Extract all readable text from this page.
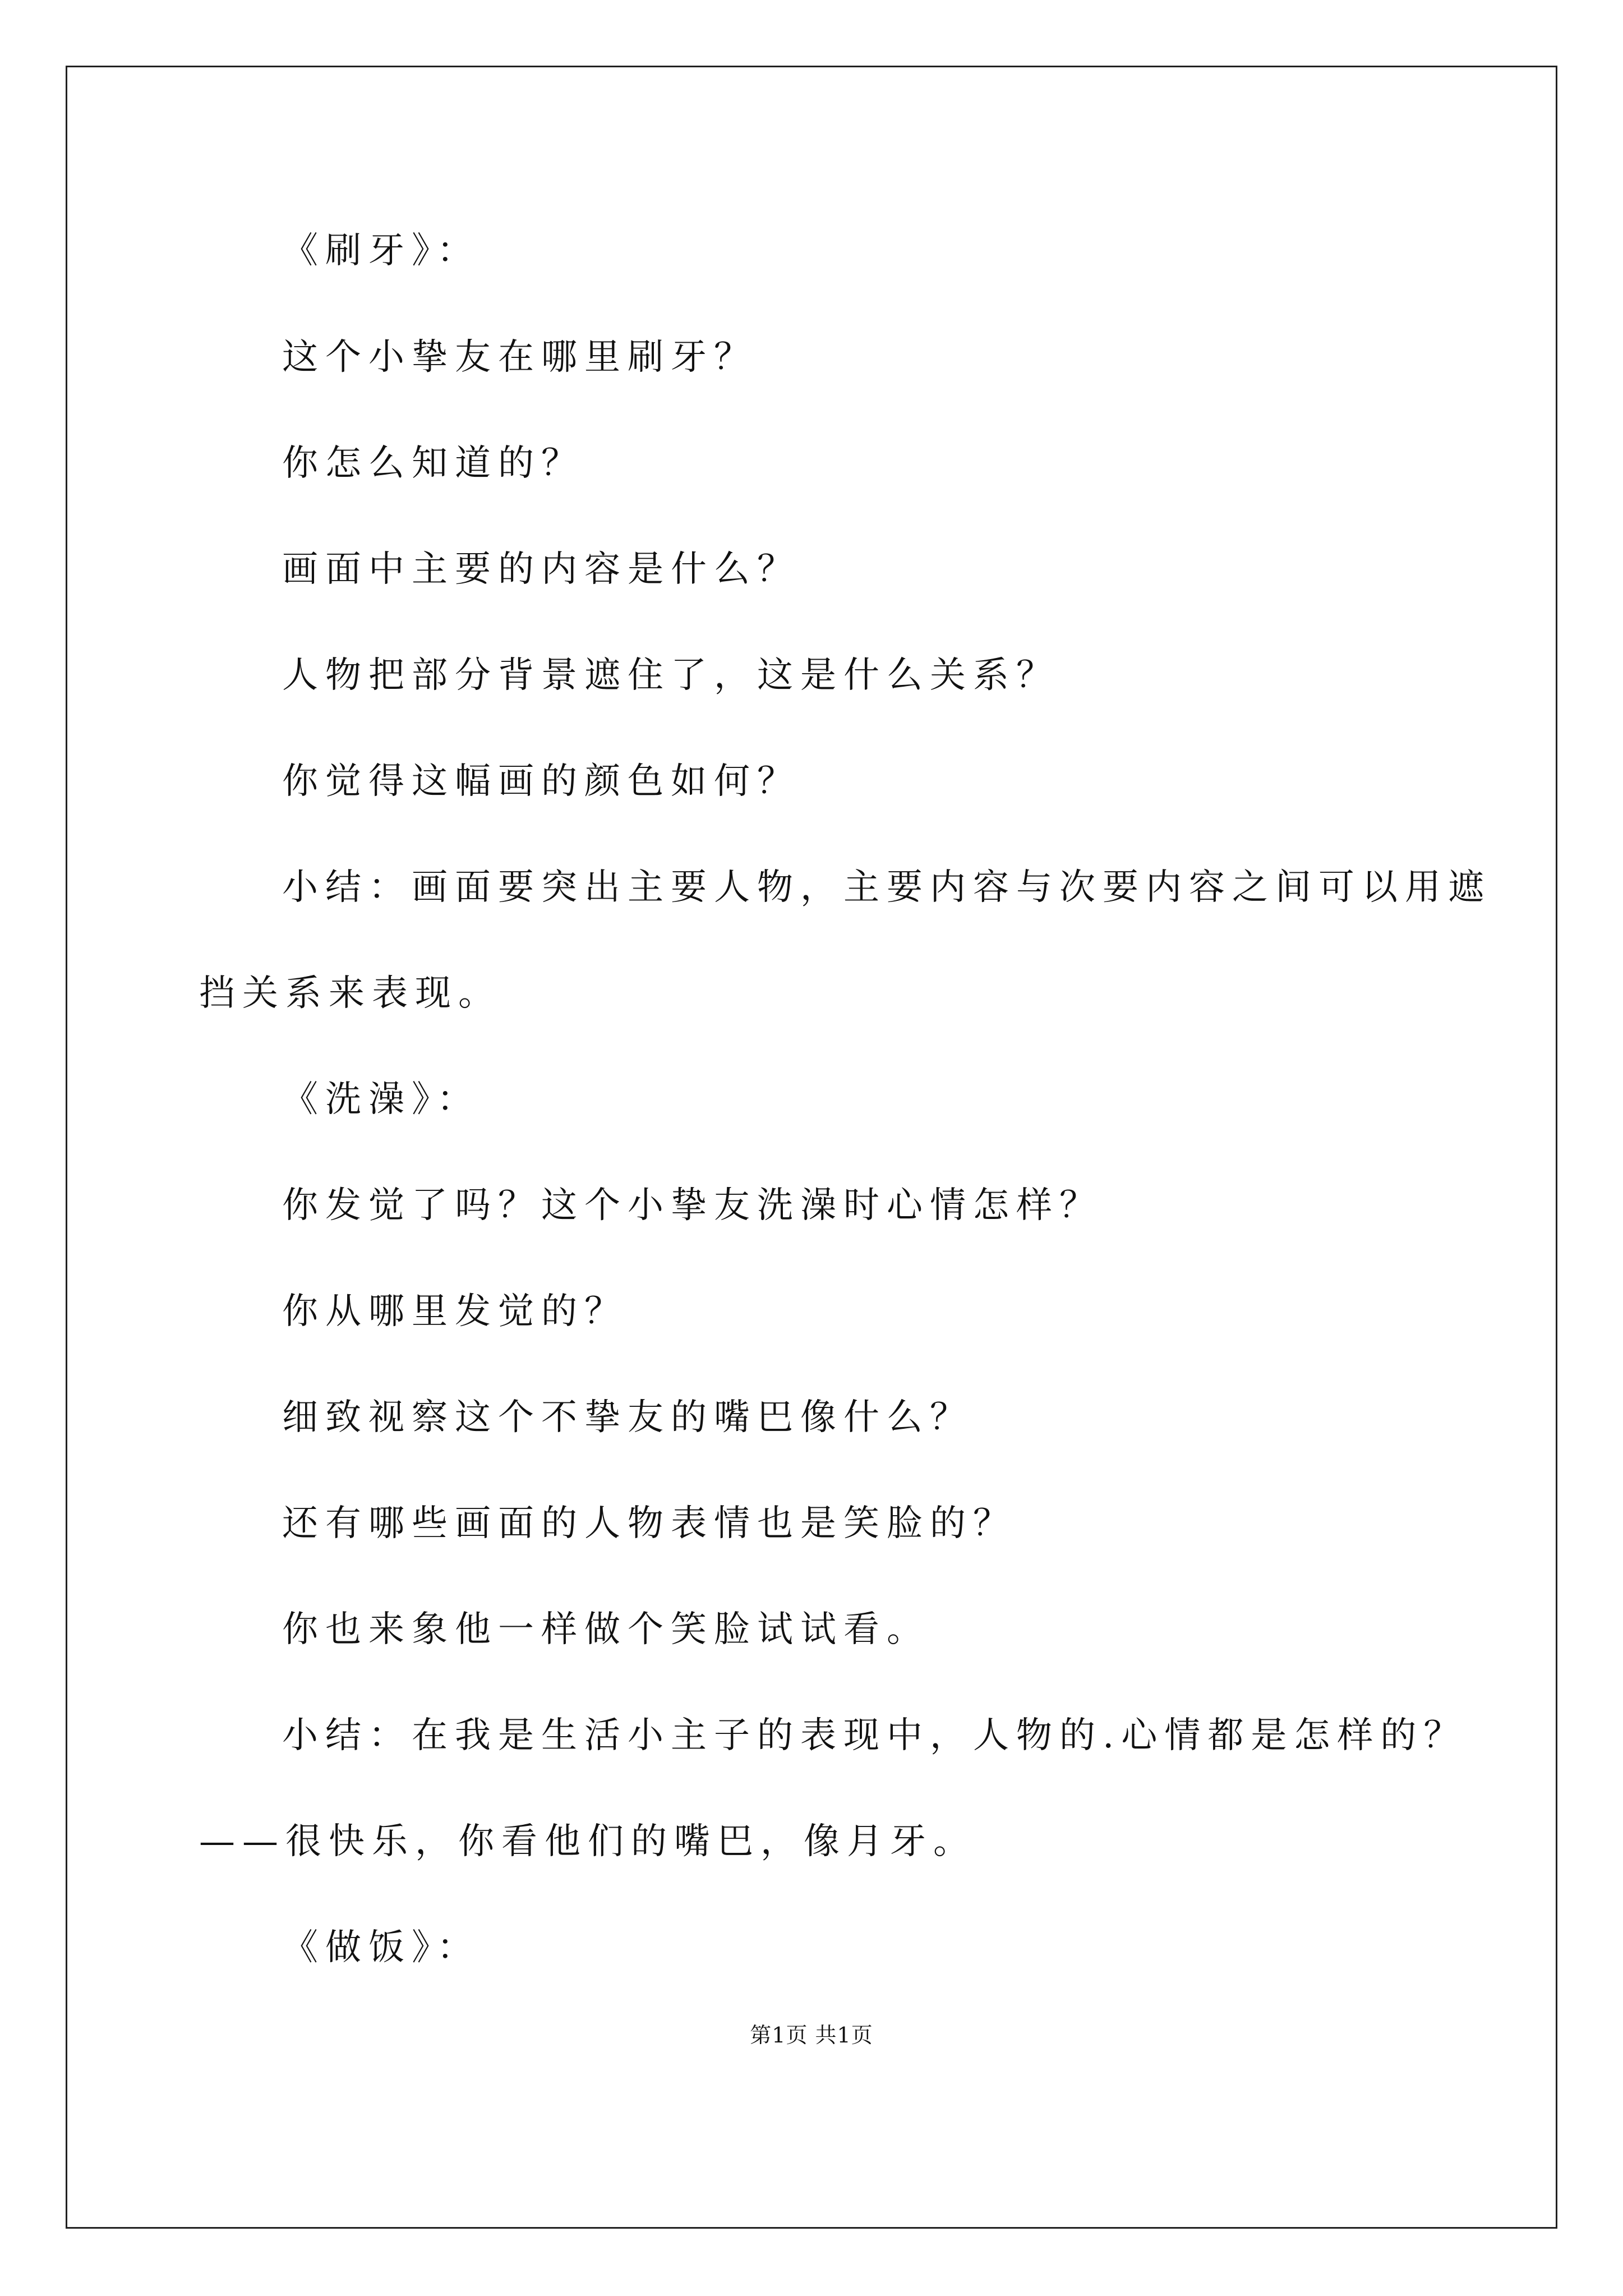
《刷牙》：

这个小挚友在哪里刷牙？

你怎么知道的？

画面中主要的内容是什么？

人物把部分背景遮住了，这是什么关系？

你觉得这幅画的颜色如何？

小结：画面要突出主要人物，主要内容与次要内容之间可以用遮

挡关系来表现。

《洗澡》：

你发觉了吗？这个小挚友洗澡时心情怎样？

你从哪里发觉的？

细致视察这个不挚友的嘴巴像什么？

还有哪些画面的人物表情也是笑脸的？

你也来象他一样做个笑脸试试看。

小结：在我是生活小主子的表现中，人物的.心情都是怎样的？

——很快乐，你看他们的嘴巴，像月牙。

《做饭》：

第1页 共1页
